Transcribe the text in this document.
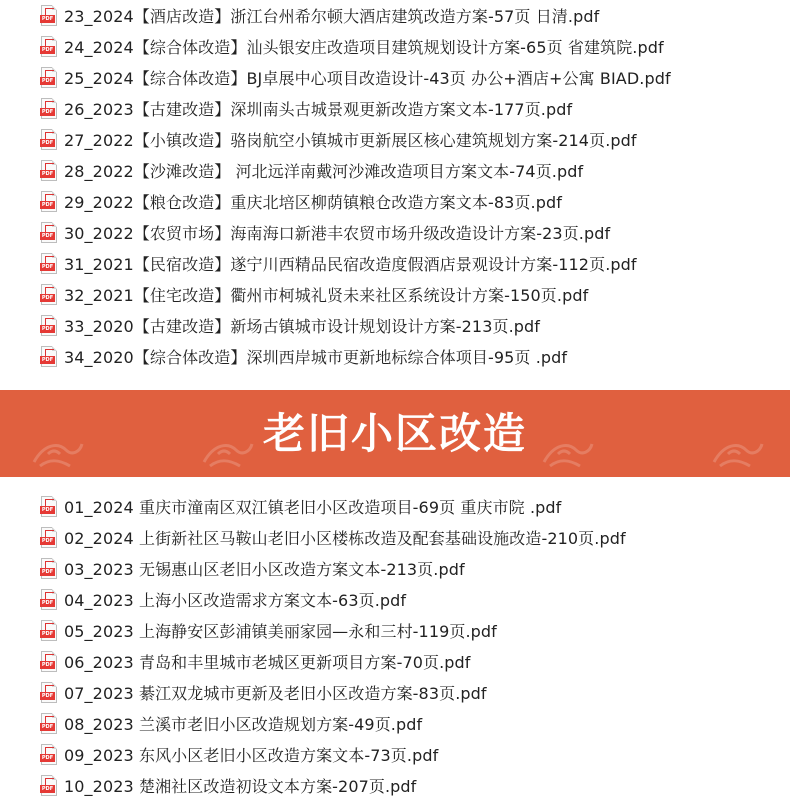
PDF 23_2024【酒店改造】浙江台州希尔顿大酒店建筑改造方案-57页 日清.pdf
PDF 24_2024【综合体改造】汕头银安庄改造项目建筑规划设计方案-65页 省建筑院.pdf
PDF 25_2024【综合体改造】BJ卓展中心项目改造设计-43页 办公+酒店+公寓 BIAD.pdf
PDF 26_2023【古建改造】深圳南头古城景观更新改造方案文本-177页.pdf
PDF 27_2022【小镇改造】骆岗航空小镇城市更新展区核心建筑规划方案-214页.pdf
PDF 28_2022【沙滩改造】 河北远洋南戴河沙滩改造项目方案文本-74页.pdf
PDF 29_2022【粮仓改造】重庆北培区柳荫镇粮仓改造方案文本-83页.pdf
PDF 30_2022【农贸市场】海南海口新港丰农贸市场升级改造设计方案-23页.pdf
PDF 31_2021【民宿改造】遂宁川西精品民宿改造度假酒店景观设计方案-112页.pdf
PDF 32_2021【住宅改造】衢州市柯城礼贤未来社区系统设计方案-150页.pdf
PDF 33_2020【古建改造】新场古镇城市设计规划设计方案-213页.pdf
PDF 34_2020【综合体改造】深圳西岸城市更新地标综合体项目-95页 .pdf
老旧小区改造
PDF 01_2024 重庆市潼南区双江镇老旧小区改造项目-69页 重庆市院 .pdf
PDF 02_2024 上街新社区马鞍山老旧小区楼栋改造及配套基础设施改造-210页.pdf
PDF 03_2023 无锡惠山区老旧小区改造方案文本-213页.pdf
PDF 04_2023 上海小区改造需求方案文本-63页.pdf
PDF 05_2023 上海静安区彭浦镇美丽家园—永和三村-119页.pdf
PDF 06_2023 青岛和丰里城市老城区更新项目方案-70页.pdf
PDF 07_2023 綦江双龙城市更新及老旧小区改造方案-83页.pdf
PDF 08_2023 兰溪市老旧小区改造规划方案-49页.pdf
PDF 09_2023 东风小区老旧小区改造方案文本-73页.pdf
PDF 10_2023 楚湘社区改造初设文本方案-207页.pdf
